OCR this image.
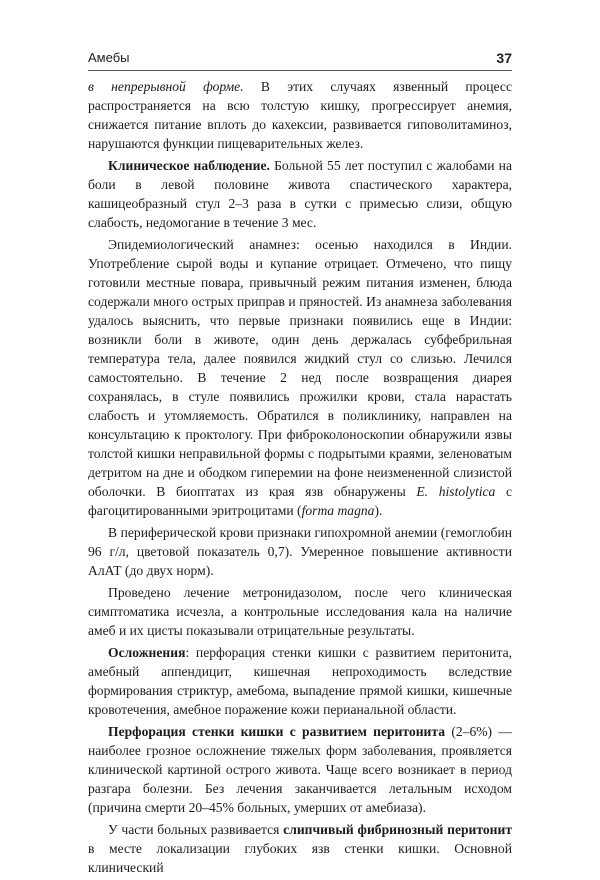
Амебы	37

в непрерывной форме. В этих случаях язвенный процесс распространяется на всю толстую кишку, прогрессирует анемия, снижается питание вплоть до кахексии, развивается гиповолитаминоз, нарушаются функции пищеварительных желез.

Клиническое наблюдение. Больной 55 лет поступил с жалобами на боли в левой половине живота спастического характера, кашицеобразный стул 2–3 раза в сутки с примесью слизи, общую слабость, недомогание в течение 3 мес.

Эпидемиологический анамнез: осенью находился в Индии. Употребление сырой воды и купание отрицает. Отмечено, что пищу готовили местные повара, привычный режим питания изменен, блюда содержали много острых приправ и пряностей. Из анамнеза заболевания удалось выяснить, что первые признаки появились еще в Индии: возникли боли в животе, один день держалась субфебрильная температура тела, далее появился жидкий стул со слизью. Лечился самостоятельно. В течение 2 нед после возвращения диарея сохранялась, в стуле появились прожилки крови, стала нарастать слабость и утомляемость. Обратился в поликлинику, направлен на консультацию к проктологу. При фиброколоноскопии обнаружили язвы толстой кишки неправильной формы с подрытыми краями, зеленоватым детритом на дне и ободком гиперемии на фоне неизмененной слизистой оболочки. В биоптатах из края язв обнаружены E. histolytica с фагоцитированными эритроцитами (forma magna).

В периферической крови признаки гипохромной анемии (гемоглобин 96 г/л, цветовой показатель 0,7). Умеренное повышение активности АлАТ (до двух норм).

Проведено лечение метронидазолом, после чего клиническая симптоматика исчезла, а контрольные исследования кала на наличие амеб и их цисты показывали отрицательные результаты.

Осложнения: перфорация стенки кишки с развитием перитонита, амебный аппендицит, кишечная непроходимость вследствие формирования стриктур, амебома, выпадение прямой кишки, кишечные кровотечения, амебное поражение кожи перианальной области.

Перфорация стенки кишки с развитием перитонита (2–6%) — наиболее грозное осложнение тяжелых форм заболевания, проявляется клинической картиной острого живота. Чаще всего возникает в период разгара болезни. Без лечения заканчивается летальным исходом (причина смерти 20–45% больных, умерших от амебиаза).

У части больных развивается слипчивый фибринозный перитонит в месте локализации глубоких язв стенки кишки. Основной клинический
